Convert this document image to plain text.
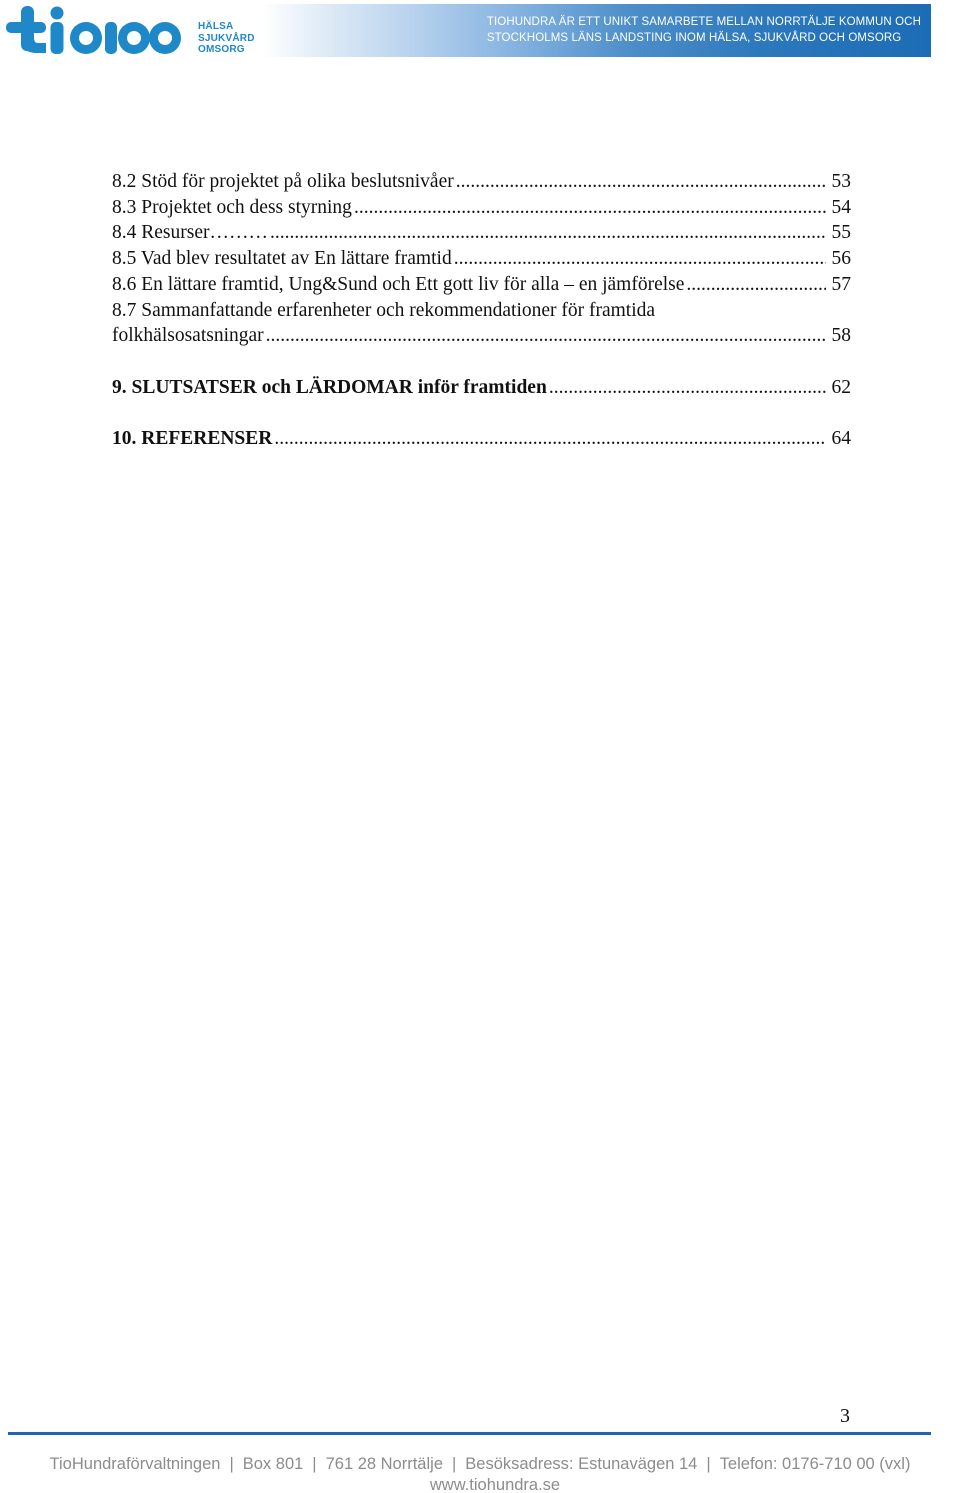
HÄLSA
SJUKVÅRD
OMSORG
TIOHUNDRA ÄR ETT UNIKT SAMARBETE MELLAN NORRTÄLJE KOMMUN OCH
STOCKHOLMS LÄNS LANDSTING INOM HÄLSA, SJUKVÅRD OCH OMSORG
8.2 Stöd för projektet på olika beslutsnivåer .....	53
8.3 Projektet och dess styrning .....	54
8.4 Resurser……… .....	55
8.5 Vad blev resultatet av En lättare framtid .....	56
8.6 En lättare framtid, Ung&Sund och Ett gott liv för alla – en jämförelse .....	57
8.7 Sammanfattande erfarenheter och rekommendationer för framtida
folkhälsosatsningar .....	58
9. SLUTSATSER och LÄRDOMAR inför framtiden .....	62
10. REFERENSER .....	64
3
TioHundraförvaltningen | Box 801 | 761 28 Norrtälje | Besöksadress: Estunavägen 14 | Telefon: 0176-710 00 (vxl)
www.tiohundra.se
